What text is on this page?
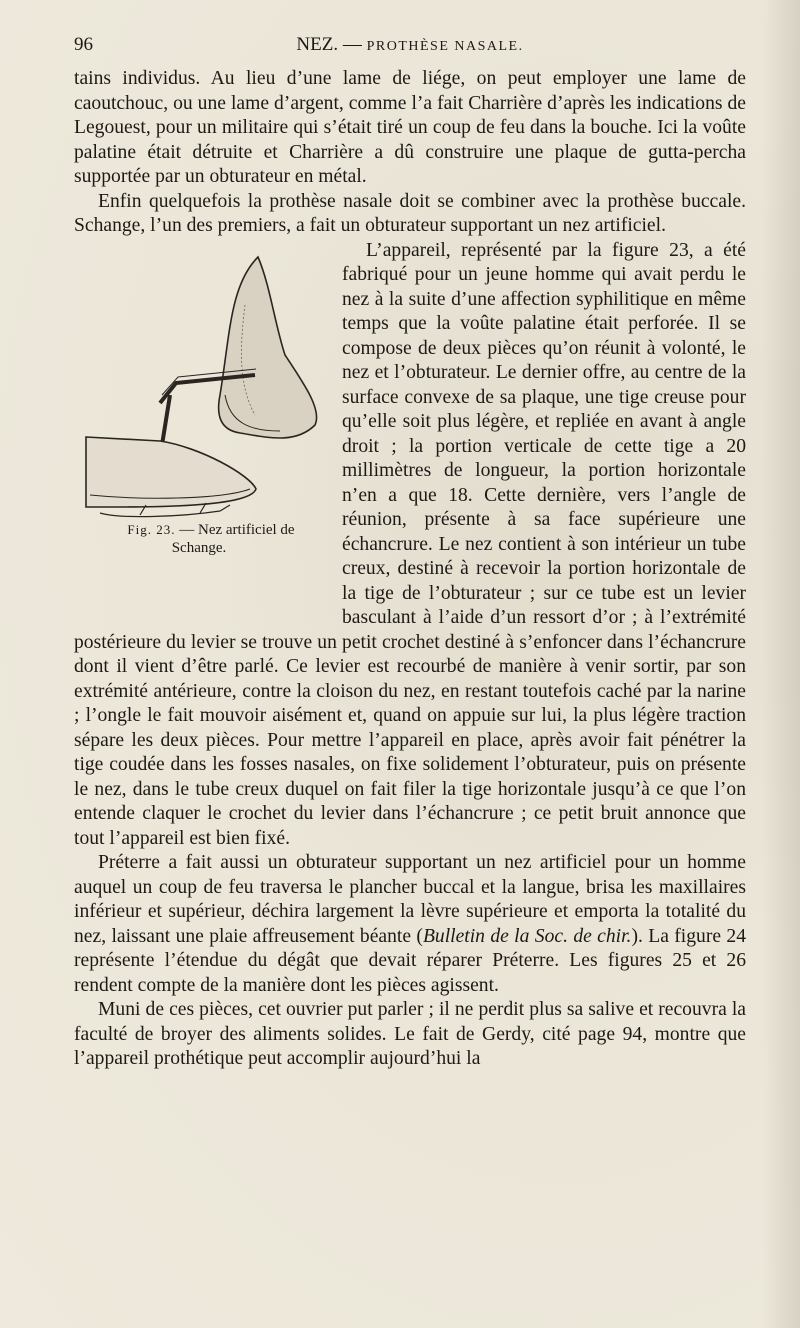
96	NEZ. — PROTHÈSE NASALE.

tains individus. Au lieu d’une lame de liége, on peut employer une lame de caoutchouc, ou une lame d’argent, comme l’a fait Charrière d’après les indications de Legouest, pour un militaire qui s’était tiré un coup de feu dans la bouche. Ici la voûte palatine était détruite et Charrière a dû construire une plaque de gutta-percha supportée par un obturateur en métal.

Enfin quelquefois la prothèse nasale doit se combiner avec la prothèse buccale. Schange, l’un des premiers, a fait un obturateur supportant un nez artificiel.

Fig. 23. — Nez artificiel de Schange.
L’appareil, représenté par la figure 23, a été fabriqué pour un jeune homme qui avait perdu le nez à la suite d’une affection syphilitique en même temps que la voûte palatine était perforée. Il se compose de deux pièces qu’on réunit à volonté, le nez et l’obturateur. Le dernier offre, au centre de la surface convexe de sa plaque, une tige creuse pour qu’elle soit plus légère, et repliée en avant à angle droit ; la portion verticale de cette tige a 20 millimètres de longueur, la portion horizontale n’en a que 18. Cette dernière, vers l’angle de réunion, présente à sa face supérieure une échancrure. Le nez contient à son intérieur un tube creux, destiné à recevoir la portion horizontale de la tige de l’obturateur ; sur ce tube est un levier basculant à l’aide d’un ressort d’or ; à l’extrémité postérieure du levier se trouve un petit crochet destiné à s’enfoncer dans l’échancrure dont il vient d’être parlé. Ce levier est recourbé de manière à venir sortir, par son extrémité antérieure, contre la cloison du nez, en restant toutefois caché par la narine ; l’ongle le fait mouvoir aisément et, quand on appuie sur lui, la plus légère traction sépare les deux pièces. Pour mettre l’appareil en place, après avoir fait pénétrer la tige coudée dans les fosses nasales, on fixe solidement l’obturateur, puis on présente le nez, dans le tube creux duquel on fait filer la tige horizontale jusqu’à ce que l’on entende claquer le crochet du levier dans l’échancrure ; ce petit bruit annonce que tout l’appareil est bien fixé.

Préterre a fait aussi un obturateur supportant un nez artificiel pour un homme auquel un coup de feu traversa le plancher buccal et la langue, brisa les maxillaires inférieur et supérieur, déchira largement la lèvre supérieure et emporta la totalité du nez, laissant une plaie affreusement béante (Bulletin de la Soc. de chir.). La figure 24 représente l’étendue du dégât que devait réparer Préterre. Les figures 25 et 26 rendent compte de la manière dont les pièces agissent.

Muni de ces pièces, cet ouvrier put parler ; il ne perdit plus sa salive et recouvra la faculté de broyer des aliments solides. Le fait de Gerdy, cité page 94, montre que l’appareil prothétique peut accomplir aujourd’hui la
